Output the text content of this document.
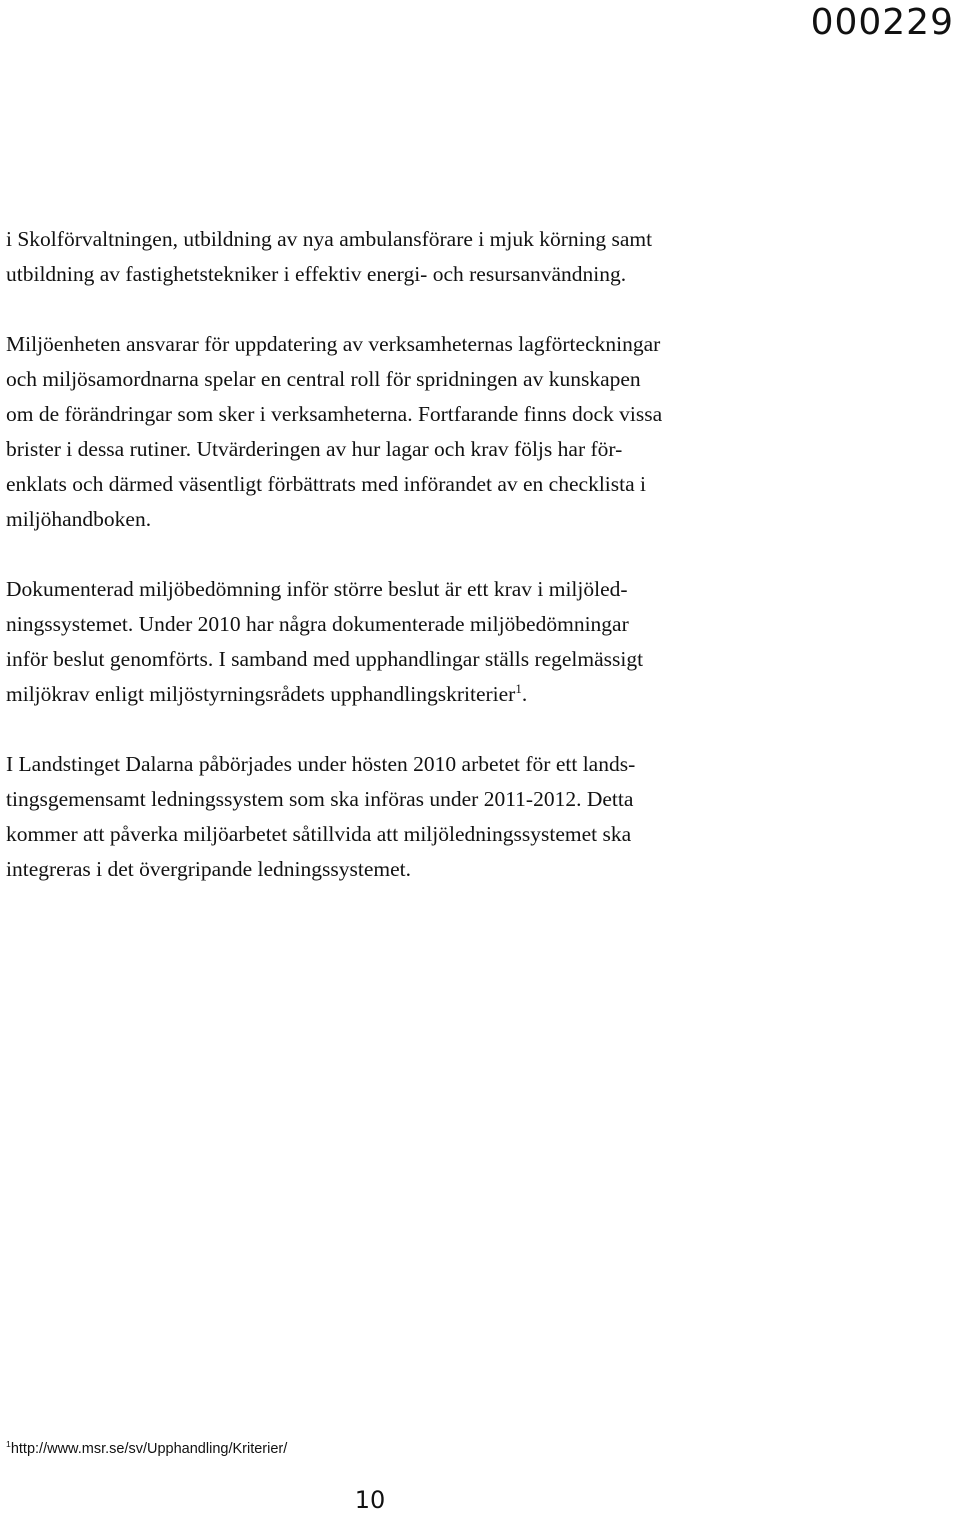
000229

i Skolförvaltningen, utbildning av nya ambulansförare i mjuk körning samt
utbildning av fastighetstekniker i effektiv energi- och resursanvändning.

Miljöenheten ansvarar för uppdatering av verksamheternas lagförteckningar
och miljösamordnarna spelar en central roll för spridningen av kunskapen
om de förändringar som sker i verksamheterna. Fortfarande finns dock vissa
brister i dessa rutiner. Utvärderingen av hur lagar och krav följs har för-
enklats och därmed väsentligt förbättrats med införandet av en checklista i
miljöhandboken.

Dokumenterad miljöbedömning inför större beslut är ett krav i miljöled-
ningssystemet. Under 2010 har några dokumenterade miljöbedömningar
inför beslut genomförts. I samband med upphandlingar ställs regelmässigt
miljökrav enligt miljöstyrningsrådets upphandlingskriterier$^1$.

I Landstinget Dalarna påbörjades under hösten 2010 arbetet för ett lands-
tingsgemensamt ledningssystem som ska införas under 2011-2012. Detta
kommer att påverka miljöarbetet såtillvida att miljöledningssystemet ska
integreras i det övergripande ledningssystemet.

$^1$http://www.msr.se/sv/Upphandling/Kriterier/

10
